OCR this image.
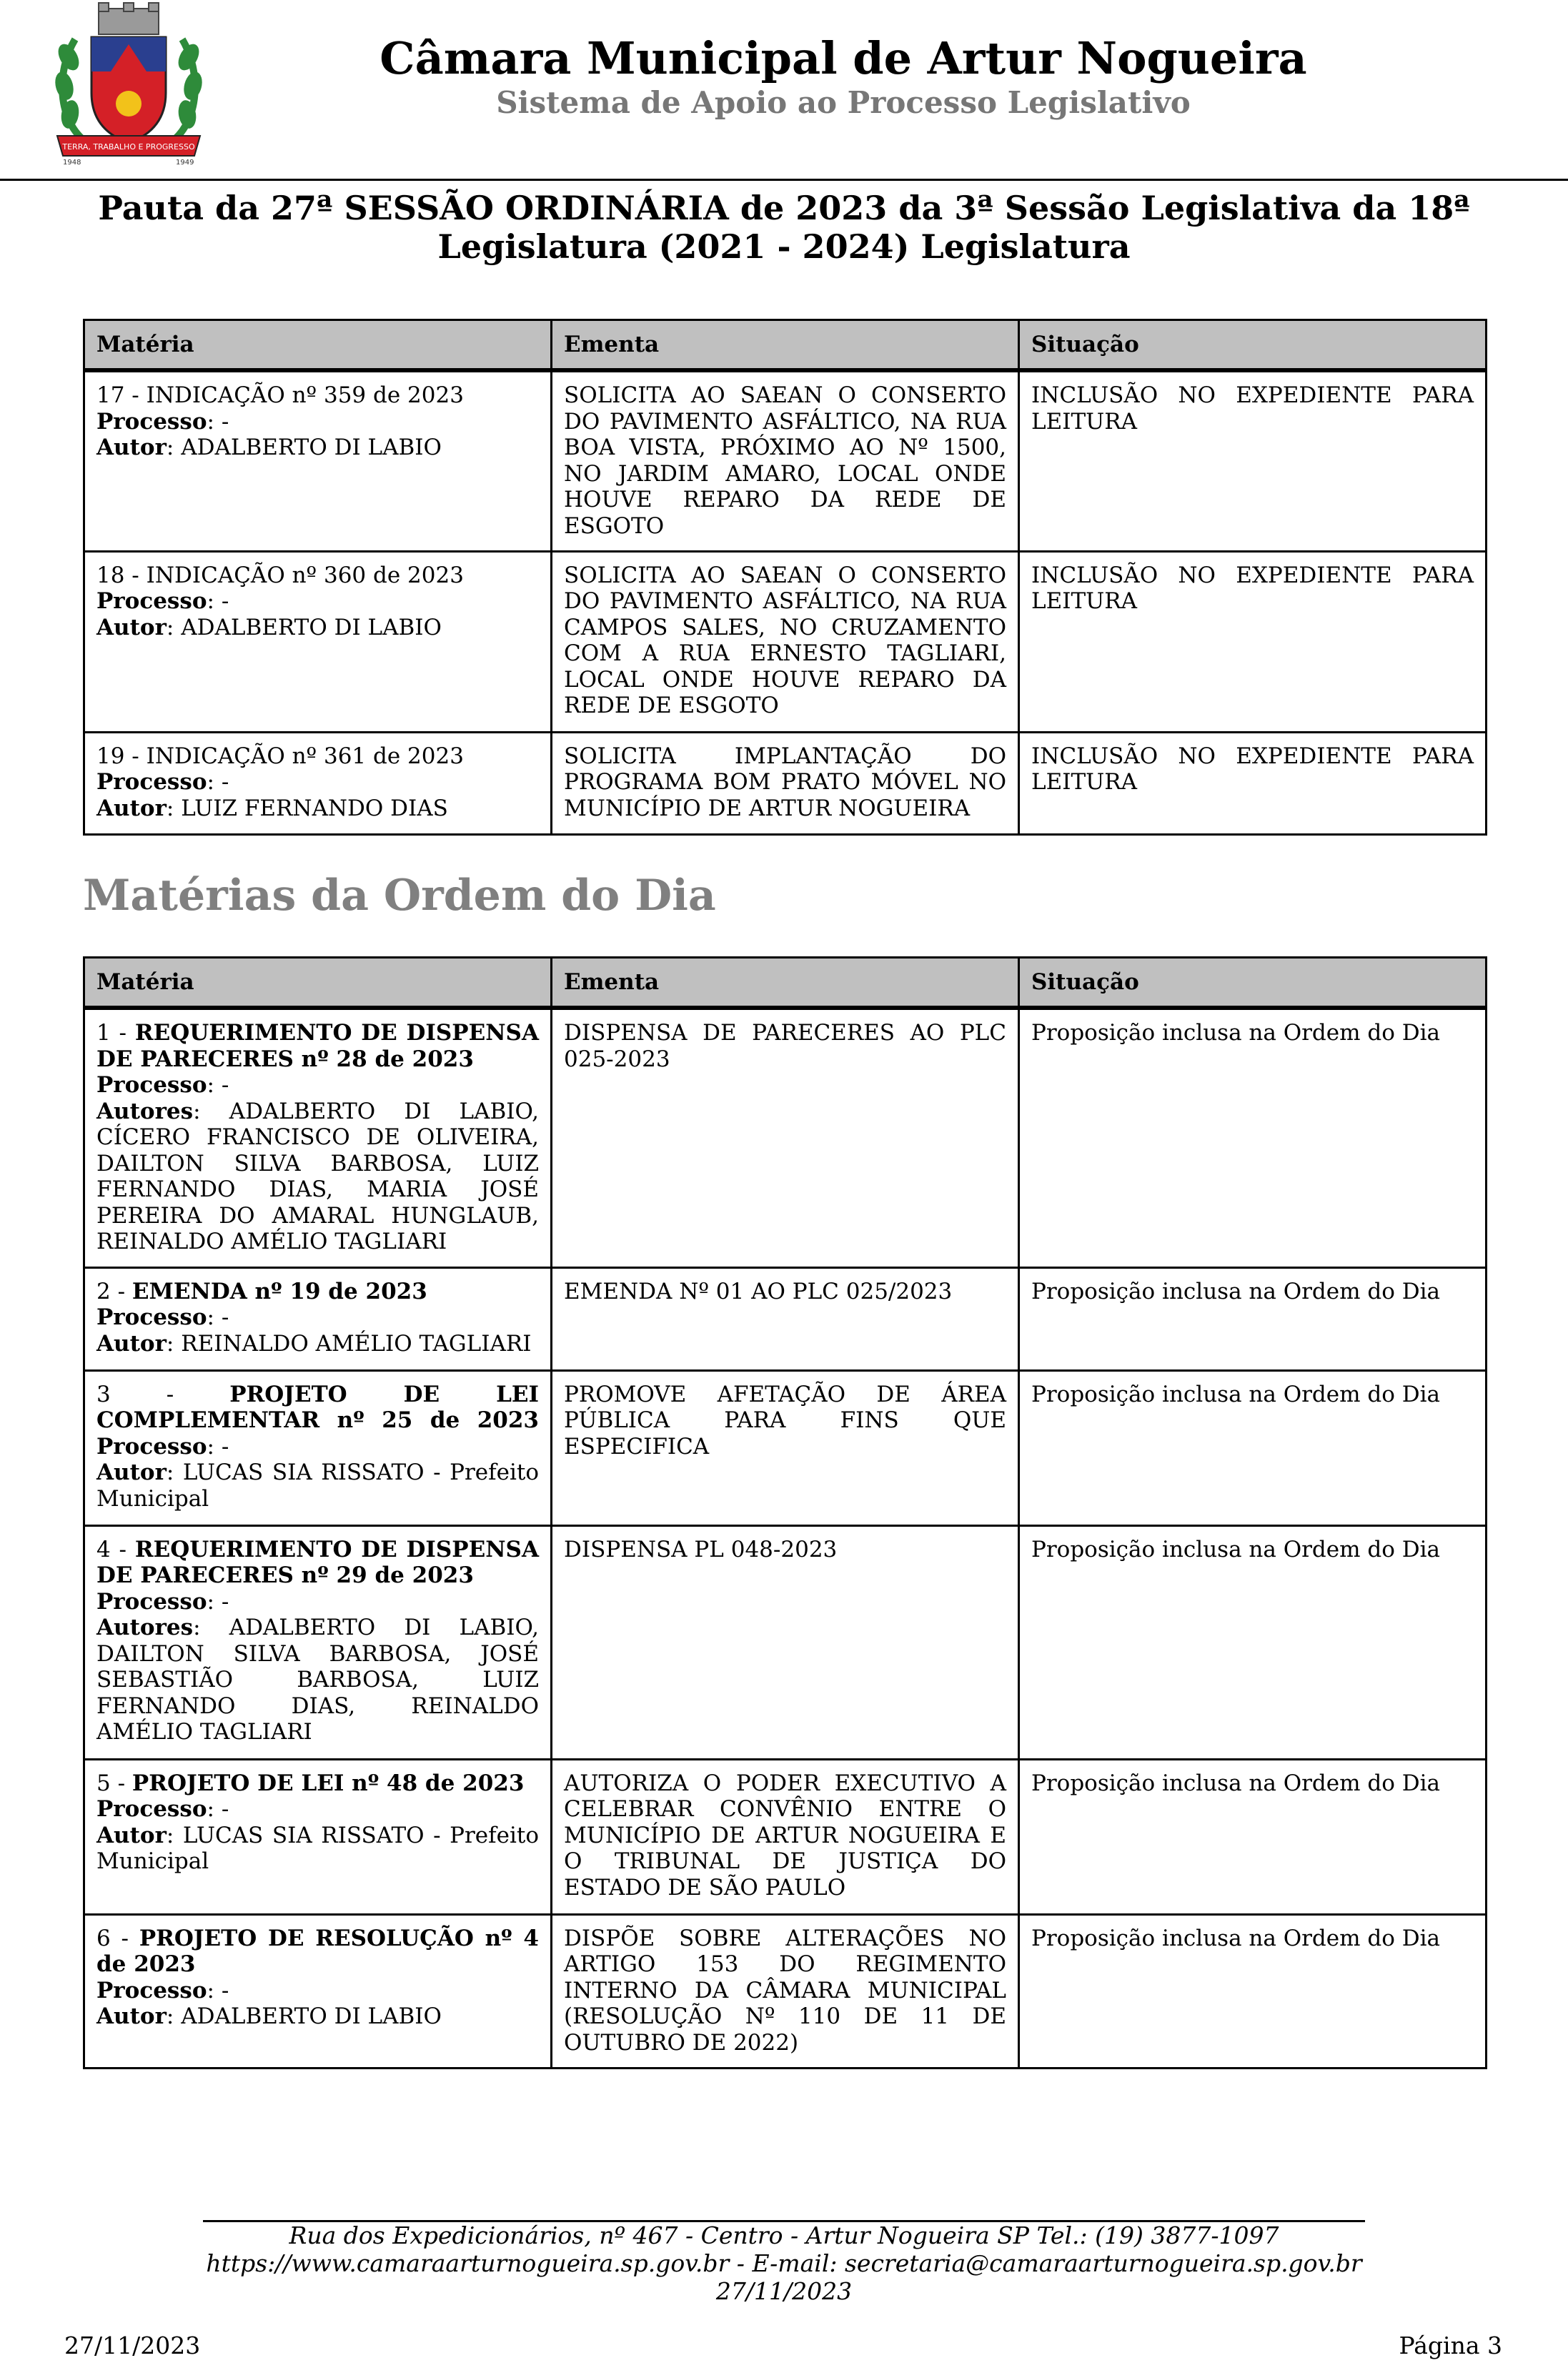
TERRA, TRABALHO E PROGRESSO
1948	1949
Câmara Municipal de Artur Nogueira
Sistema de Apoio ao Processo Legislativo
Pauta da 27ª SESSÃO ORDINÁRIA de 2023 da 3ª Sessão Legislativa da 18ª Legislatura (2021 - 2024) Legislatura
Matéria	Ementa	Situação

17 - INDICAÇÃO nº 359 de 2023
Processo: -
Autor: ADALBERTO DI LABIO	SOLICITA AO SAEAN O CONSERTO DO PAVIMENTO ASFÁLTICO, NA RUA BOA VISTA, PRÓXIMO AO Nº 1500, NO JARDIM AMARO, LOCAL ONDE HOUVE REPARO DA REDE DE ESGOTO	INCLUSÃO NO EXPEDIENTE PARA LEITURA

18 - INDICAÇÃO nº 360 de 2023
Processo: -
Autor: ADALBERTO DI LABIO	SOLICITA AO SAEAN O CONSERTO DO PAVIMENTO ASFÁLTICO, NA RUA CAMPOS SALES, NO CRUZAMENTO COM A RUA ERNESTO TAGLIARI, LOCAL ONDE HOUVE REPARO DA REDE DE ESGOTO	INCLUSÃO NO EXPEDIENTE PARA LEITURA

19 - INDICAÇÃO nº 361 de 2023
Processo: -
Autor: LUIZ FERNANDO DIAS	SOLICITA IMPLANTAÇÃO DO PROGRAMA BOM PRATO MÓVEL NO MUNICÍPIO DE ARTUR NOGUEIRA	INCLUSÃO NO EXPEDIENTE PARA LEITURA
Matérias da Ordem do Dia
Matéria	Ementa	Situação

1 - REQUERIMENTO DE DISPENSA DE PARECERES nº 28 de 2023
Processo: -
Autores: ADALBERTO DI LABIO, CÍCERO FRANCISCO DE OLIVEIRA, DAILTON SILVA BARBOSA, LUIZ FERNANDO DIAS, MARIA JOSÉ PEREIRA DO AMARAL HUNGLAUB, REINALDO AMÉLIO TAGLIARI	DISPENSA DE PARECERES AO PLC 025-2023	Proposição inclusa na Ordem do Dia

2 - EMENDA nº 19 de 2023
Processo: -
Autor: REINALDO AMÉLIO TAGLIARI	EMENDA Nº 01 AO PLC 025/2023	Proposição inclusa na Ordem do Dia

3 - PROJETO DE LEI COMPLEMENTAR nº 25 de 2023
Processo: -
Autor: LUCAS SIA RISSATO - Prefeito Municipal	PROMOVE AFETAÇÃO DE ÁREA PÚBLICA PARA FINS QUE ESPECIFICA	Proposição inclusa na Ordem do Dia

4 - REQUERIMENTO DE DISPENSA DE PARECERES nº 29 de 2023
Processo: -
Autores: ADALBERTO DI LABIO, DAILTON SILVA BARBOSA, JOSÉ SEBASTIÃO BARBOSA, LUIZ FERNANDO DIAS, REINALDO AMÉLIO TAGLIARI	DISPENSA PL 048-2023	Proposição inclusa na Ordem do Dia

5 - PROJETO DE LEI nº 48 de 2023
Processo: -
Autor: LUCAS SIA RISSATO - Prefeito Municipal	AUTORIZA O PODER EXECUTIVO A CELEBRAR CONVÊNIO ENTRE O MUNICÍPIO DE ARTUR NOGUEIRA E O TRIBUNAL DE JUSTIÇA DO ESTADO DE SÃO PAULO	Proposição inclusa na Ordem do Dia

6 - PROJETO DE RESOLUÇÃO nº 4 de 2023
Processo: -
Autor: ADALBERTO DI LABIO	DISPÕE SOBRE ALTERAÇÕES NO ARTIGO 153 DO REGIMENTO INTERNO DA CÂMARA MUNICIPAL (RESOLUÇÃO Nº 110 DE 11 DE OUTUBRO DE 2022)	Proposição inclusa na Ordem do Dia
Rua dos Expedicionários, nº 467 - Centro - Artur Nogueira SP Tel.: (19) 3877-1097 https://www.camaraarturnogueira.sp.gov.br - E-mail: secretaria@camaraarturnogueira.sp.gov.br
27/11/2023
27/11/2023	Página 3
